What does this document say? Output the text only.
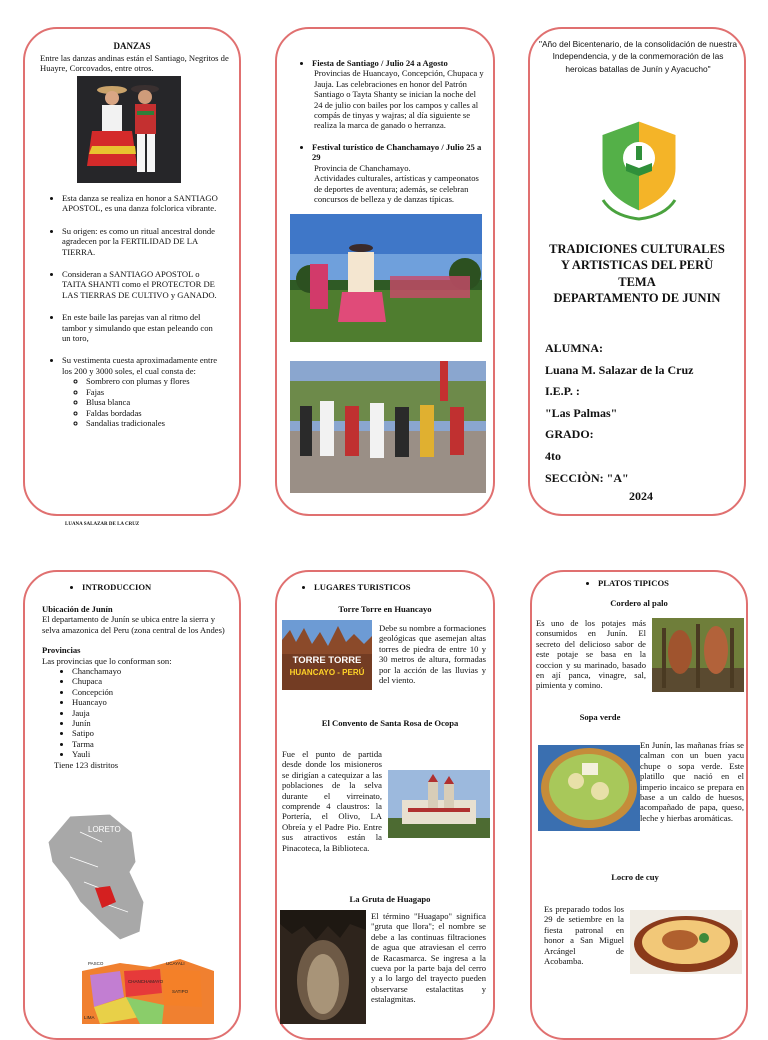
DANZAS
Entre las danzas andinas están el Santiago, Negritos de Huayre, Corcovados, entre otros.
• Esta danza se realiza en honor a SANTIAGO APOSTOL, es una danza folclorica vibrante.
• Su origen: es como un ritual ancestral donde agradecen por la FERTILIDAD DE LA TIERRA.
• Consideran a SANTIAGO APOSTOL o TAITA SHANTI como el PROTECTOR DE LAS TIERRAS DE CULTIVO y GANADO.
• En este baile las parejas van al ritmo del tambor y simulando que estan peleando con un toro,
• Su vestimenta cuesta aproximadamente entre los 200 y 3000 soles, el cual consta de:
◦ Sombrero con plumas y flores
◦ Fajas
◦ Blusa blanca
◦ Faldas bordadas
◦ Sandalias tradicionales
LUANA SALAZAR DE LA CRUZ
• Fiesta de Santiago / Julio 24 a Agosto
Provincias de Huancayo, Concepción, Chupaca y Jauja. Las celebraciones en honor del Patrón Santiago o Tayta Shanty se inician la noche del 24 de julio con bailes por los campos y calles al compás de tinyas y wajras; al día siguiente se realiza la marca de ganado o herranza.
• Festival turístico de Chanchamayo / Julio 25 a 29
Provincia de Chanchamayo.
Actividades culturales, artísticas y campeonatos de deportes de aventura; además, se celebran concursos de belleza y de danzas típicas.
"Año del Bicentenario, de la consolidación de nuestra Independencia, y de la conmemoración de las heroicas batallas de Junín y Ayacucho"
TRADICIONES CULTURALES
Y ARTISTICAS DEL PERÙ
TEMA
DEPARTAMENTO DE JUNIN
ALUMNA:
Luana M. Salazar de la Cruz
I.E.P. :
"Las Palmas"
GRADO:
4to
SECCIÒN: "A"
2024
• INTRODUCCION
Ubicación de Junín
El departamento de Junín se ubica entre la sierra y selva amazonica del Peru (zona central de los Andes)
Provincias
Las provincias que lo conforman son:
• Chanchamayo
• Chupaca
• Concepción
• Huancayo
• Jauja
• Junín
• Satipo
• Tarma
• Yauli
Tiene 123 distritos
LORETO
PASCO	UCAYALI
CHANCHAMAYO
SATIPO
LIMA
• LUGARES TURISTICOS
Torre Torre en Huancayo
TORRE TORRE
HUANCAYO - PERÚ
Debe su nombre a formaciones geológicas que asemejan altas torres de piedra de entre 10 y 30 metros de altura, formadas por la acción de las lluvias y del viento.
El Convento de Santa Rosa de Ocopa
Fue el punto de partida desde donde los misioneros se dirigían a catequizar a las poblaciones de la selva durante el virreinato, comprende 4 claustros: la Portería, el Olivo, LA Obreía y el Padre Pio. Entre sus atractivos están la Pinacoteca, la Biblioteca.
La Gruta de Huagapo
El término "Huagapo" significa "gruta que llora"; el nombre se debe a las continuas filtraciones de agua que atraviesan el cerro de Racasmarca. Se ingresa a la cueva por la parte baja del cerro y a lo largo del trayecto pueden observarse estalactitas y estalagmitas.
• PLATOS TIPICOS
Cordero al palo
Es uno de los potajes más consumidos en Junín. El secreto del delicioso sabor de este potaje se basa en la coccion y su marinado, basado en ají panca, vinagre, sal, pimienta y comino.
Sopa verde
En Junín, las mañanas frías se calman con un buen yacu chupe o sopa verde. Este platillo que nació en el imperio incaico se prepara en base a un caldo de huesos, acompañado de papa, queso, leche y hierbas aromáticas.
Locro de cuy
Es preparado todos los 29 de setiembre en la fiesta patronal en honor a San Miguel Arcángel de Acobamba.
